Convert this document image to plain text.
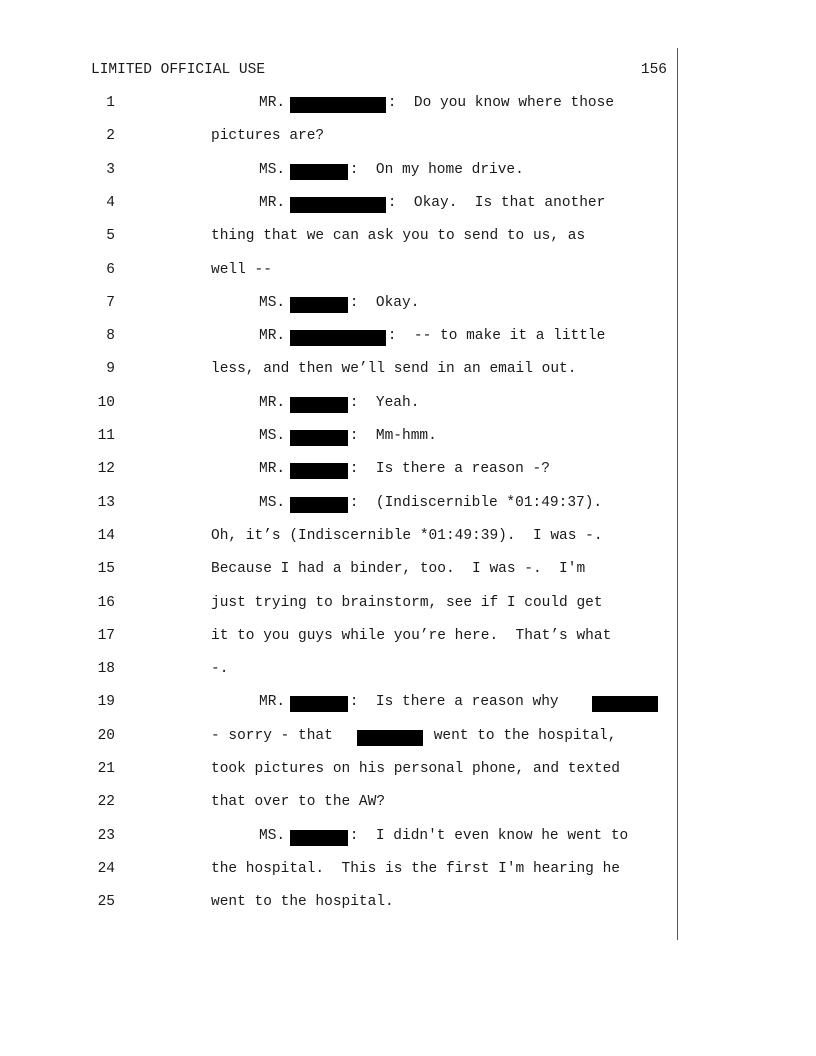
LIMITED OFFICIAL USE	156
1	MR.	:  Do you know where those
2	pictures are?
3	MS.	:  On my home drive.
4	MR.	:  Okay.  Is that another
5	thing that we can ask you to send to us, as
6	well --
7	MS.	:  Okay.
8	MR.	:  -- to make it a little
9	less, and then we’ll send in an email out.
10	MR.	:  Yeah.
11	MS.	:  Mm-hmm.
12	MR.	:  Is there a reason -?
13	MS.	:  (Indiscernible *01:49:37).
14	Oh, it’s (Indiscernible *01:49:39).  I was -.
15	Because I had a binder, too.  I was -.  I'm
16	just trying to brainstorm, see if I could get
17	it to you guys while you’re here.  That’s what
18	-.
19	MR.	:  Is there a reason why
20	- sorry - that	went to the hospital,
21	took pictures on his personal phone, and texted
22	that over to the AW?
23	MS.	:  I didn't even know he went to
24	the hospital.  This is the first I'm hearing he
25	went to the hospital.
